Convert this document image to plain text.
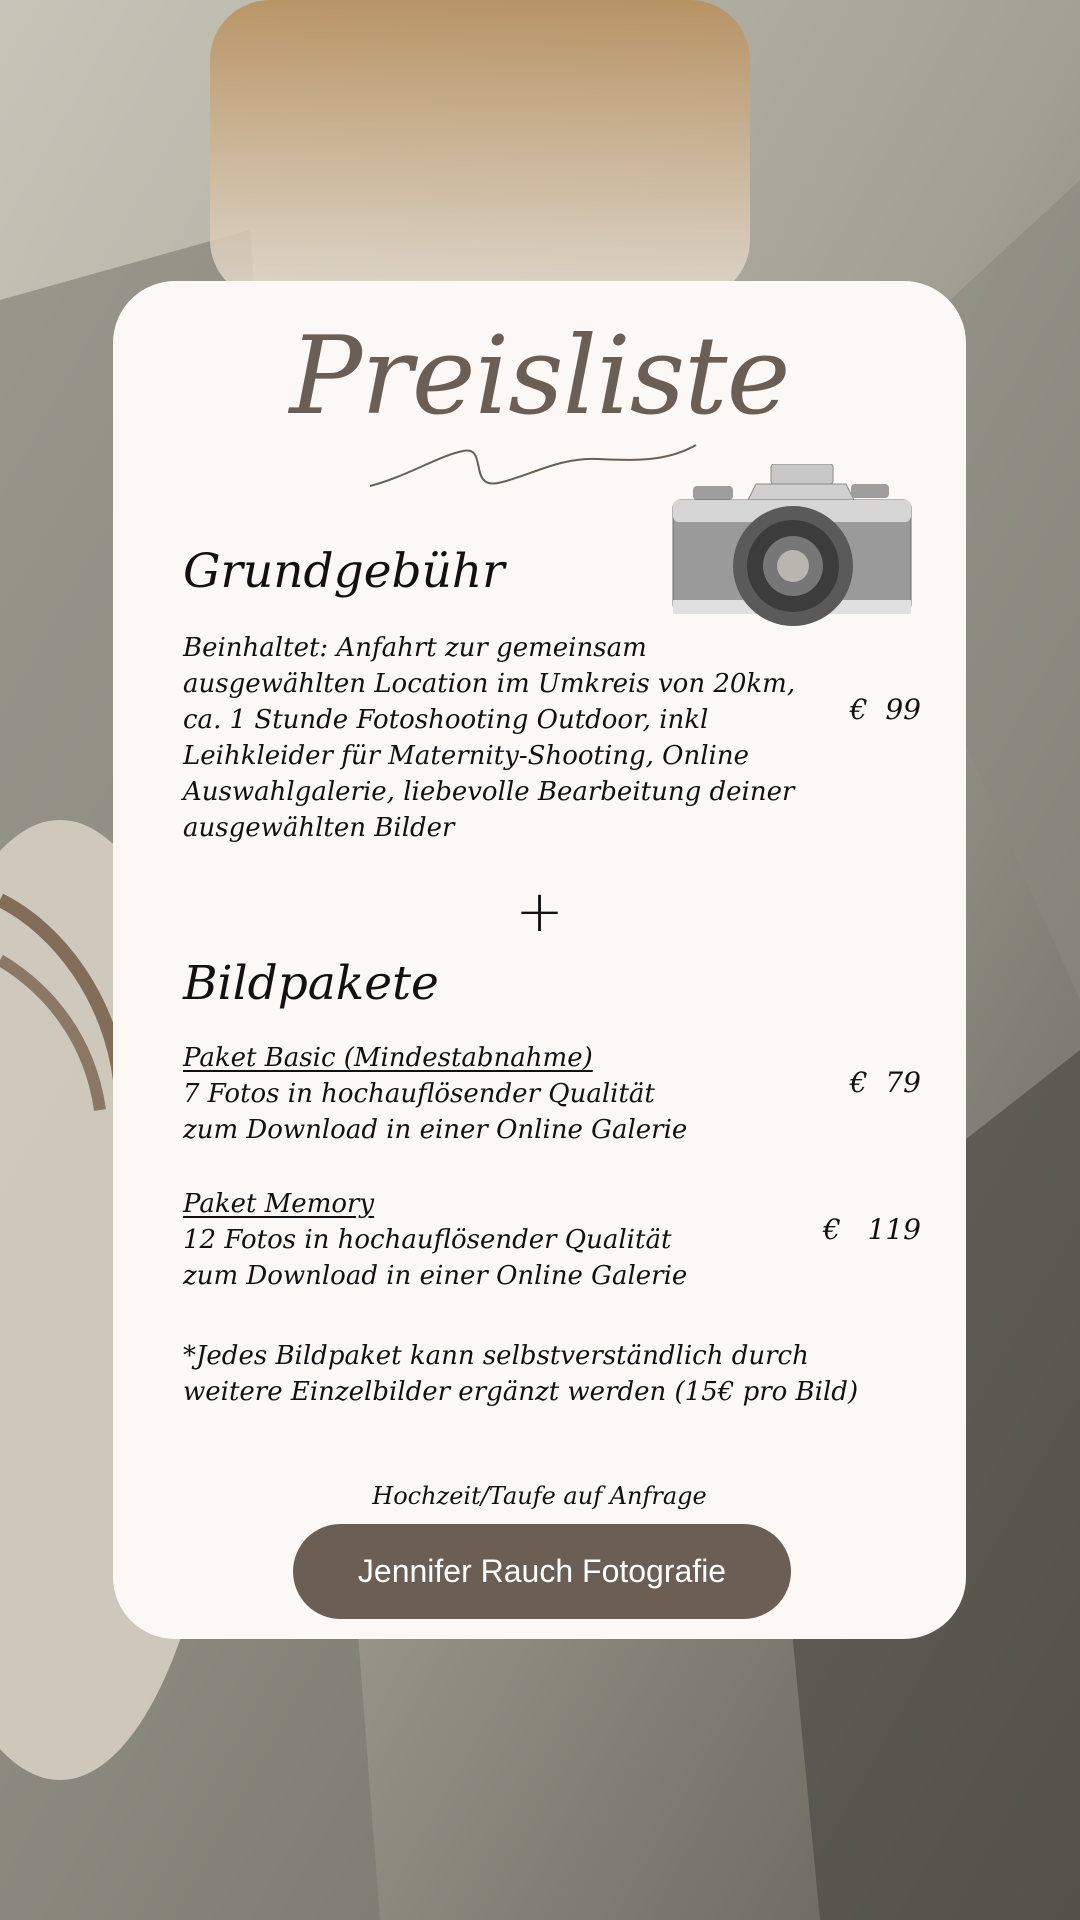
Preisliste
Grundgebühr
Beinhaltet: Anfahrt zur gemeinsam
ausgewählten Location im Umkreis von 20km,
ca. 1 Stunde Fotoshooting Outdoor, inkl
Leihkleider für Maternity-Shooting, Online
Auswahlgalerie, liebevolle Bearbeitung deiner
ausgewählten Bilder
€  99
+
Bildpakete
Paket Basic (Mindestabnahme)
7 Fotos in hochauflösender Qualität
zum Download in einer Online Galerie
€  79
Paket Memory
12 Fotos in hochauflösender Qualität
zum Download in einer Online Galerie
€   119
*Jedes Bildpaket kann selbstverständlich durch
weitere Einzelbilder ergänzt werden (15€ pro Bild)
Hochzeit/Taufe auf Anfrage
Jennifer Rauch Fotografie
